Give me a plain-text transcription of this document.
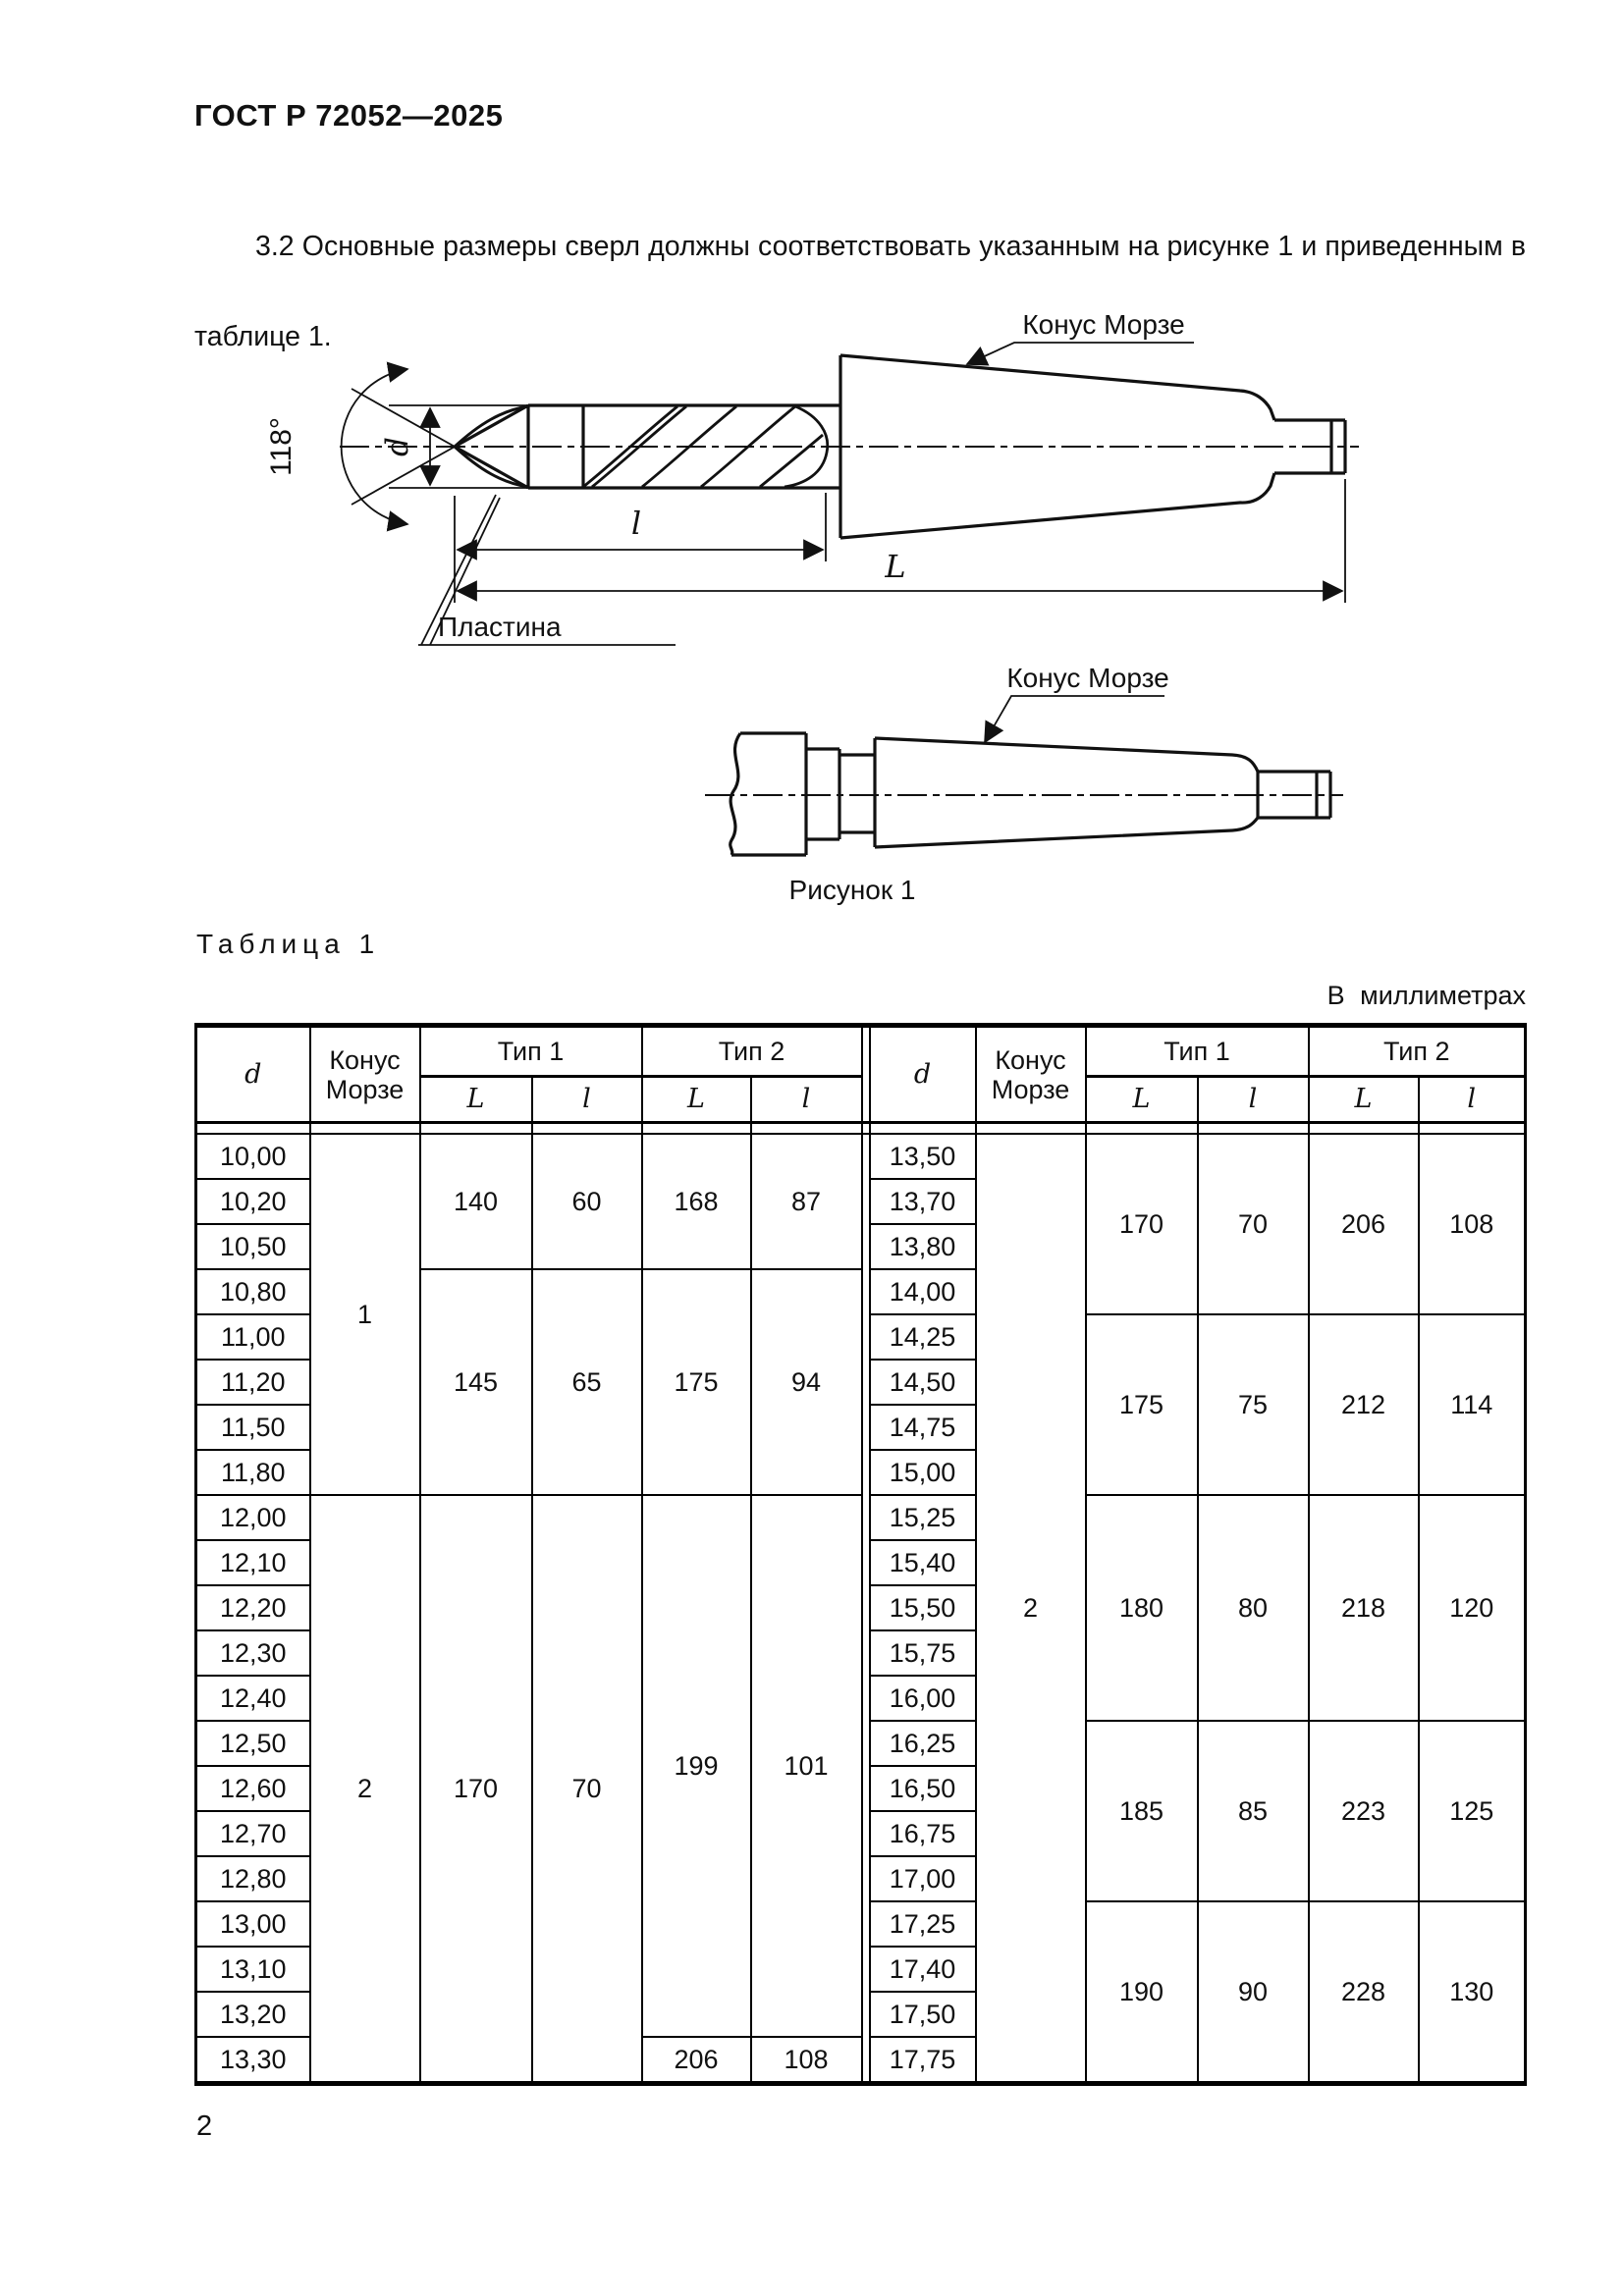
ГОСТ Р 72052—2025
3.2 Основные размеры сверл должны соответствовать указанным на рисунке 1 и приведенным в
таблице 1.
118°	d
l
L
Пластина
Конус Морзе
Конус Морзе
Рисунок 1
Таблица 1
В миллиметрах
d	Конус Морзе	Тип 1		Тип 2			d	Конус Морзе	Тип 1		Тип 2	
		L	l	L	l				L	l	L	l

10,00	1	140	60	168	87		13,50	2	170	70	206	108
10,20							13,70					
10,50							13,80					
10,80		145	65	175	94		14,00					
11,00							14,25		175	75	212	114
11,20							14,50					
11,50							14,75					
11,80							15,00					
12,00	2	170	70	199	101		15,25		180	80	218	120
12,10							15,40					
12,20							15,50					
12,30							15,75					
12,40							16,00					
12,50							16,25		185	85	223	125
12,60							16,50					
12,70							16,75					
12,80							17,00					
13,00							17,25		190	90	228	130
13,10							17,40					
13,20							17,50					
13,30				206	108		17,75					
2
